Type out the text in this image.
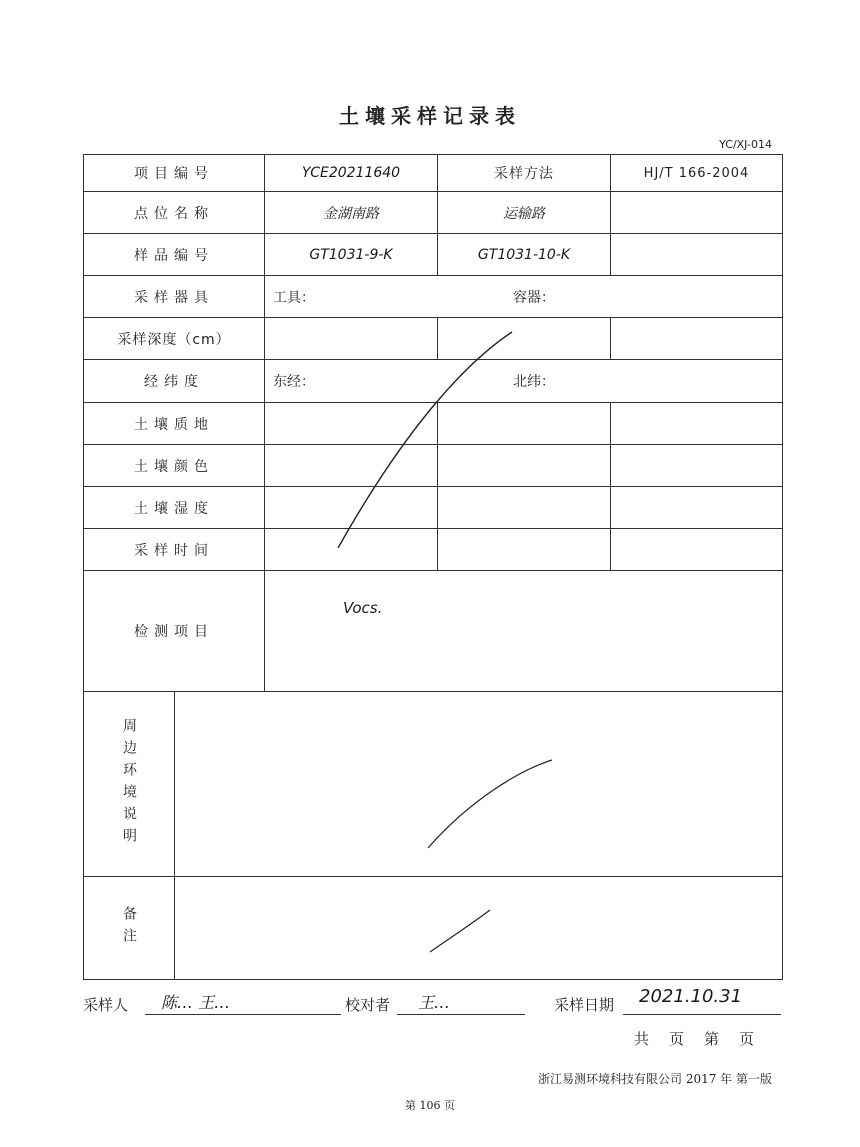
土壤采样记录表
YC/XJ-014
项目编号		YCE20211640	采样方法	HJ/T 166-2004
点位名称		金湖南路	运输路	
样品编号		GT1031-9-K	GT1031-10-K	
采样器具		工具： 容器：		
采样深度（cm）				
经纬度		东经： 北纬：		
土壤质地				
土壤颜色				
土壤湿度				
采样时间				
检测项目		Vocs.		

周边环境说明				

备注				

采样人 陈… 王…	校对者 王…	采样日期 2021.10.31
共页第页
浙江易测环境科技有限公司 2017 年 第一版
第 106 页
